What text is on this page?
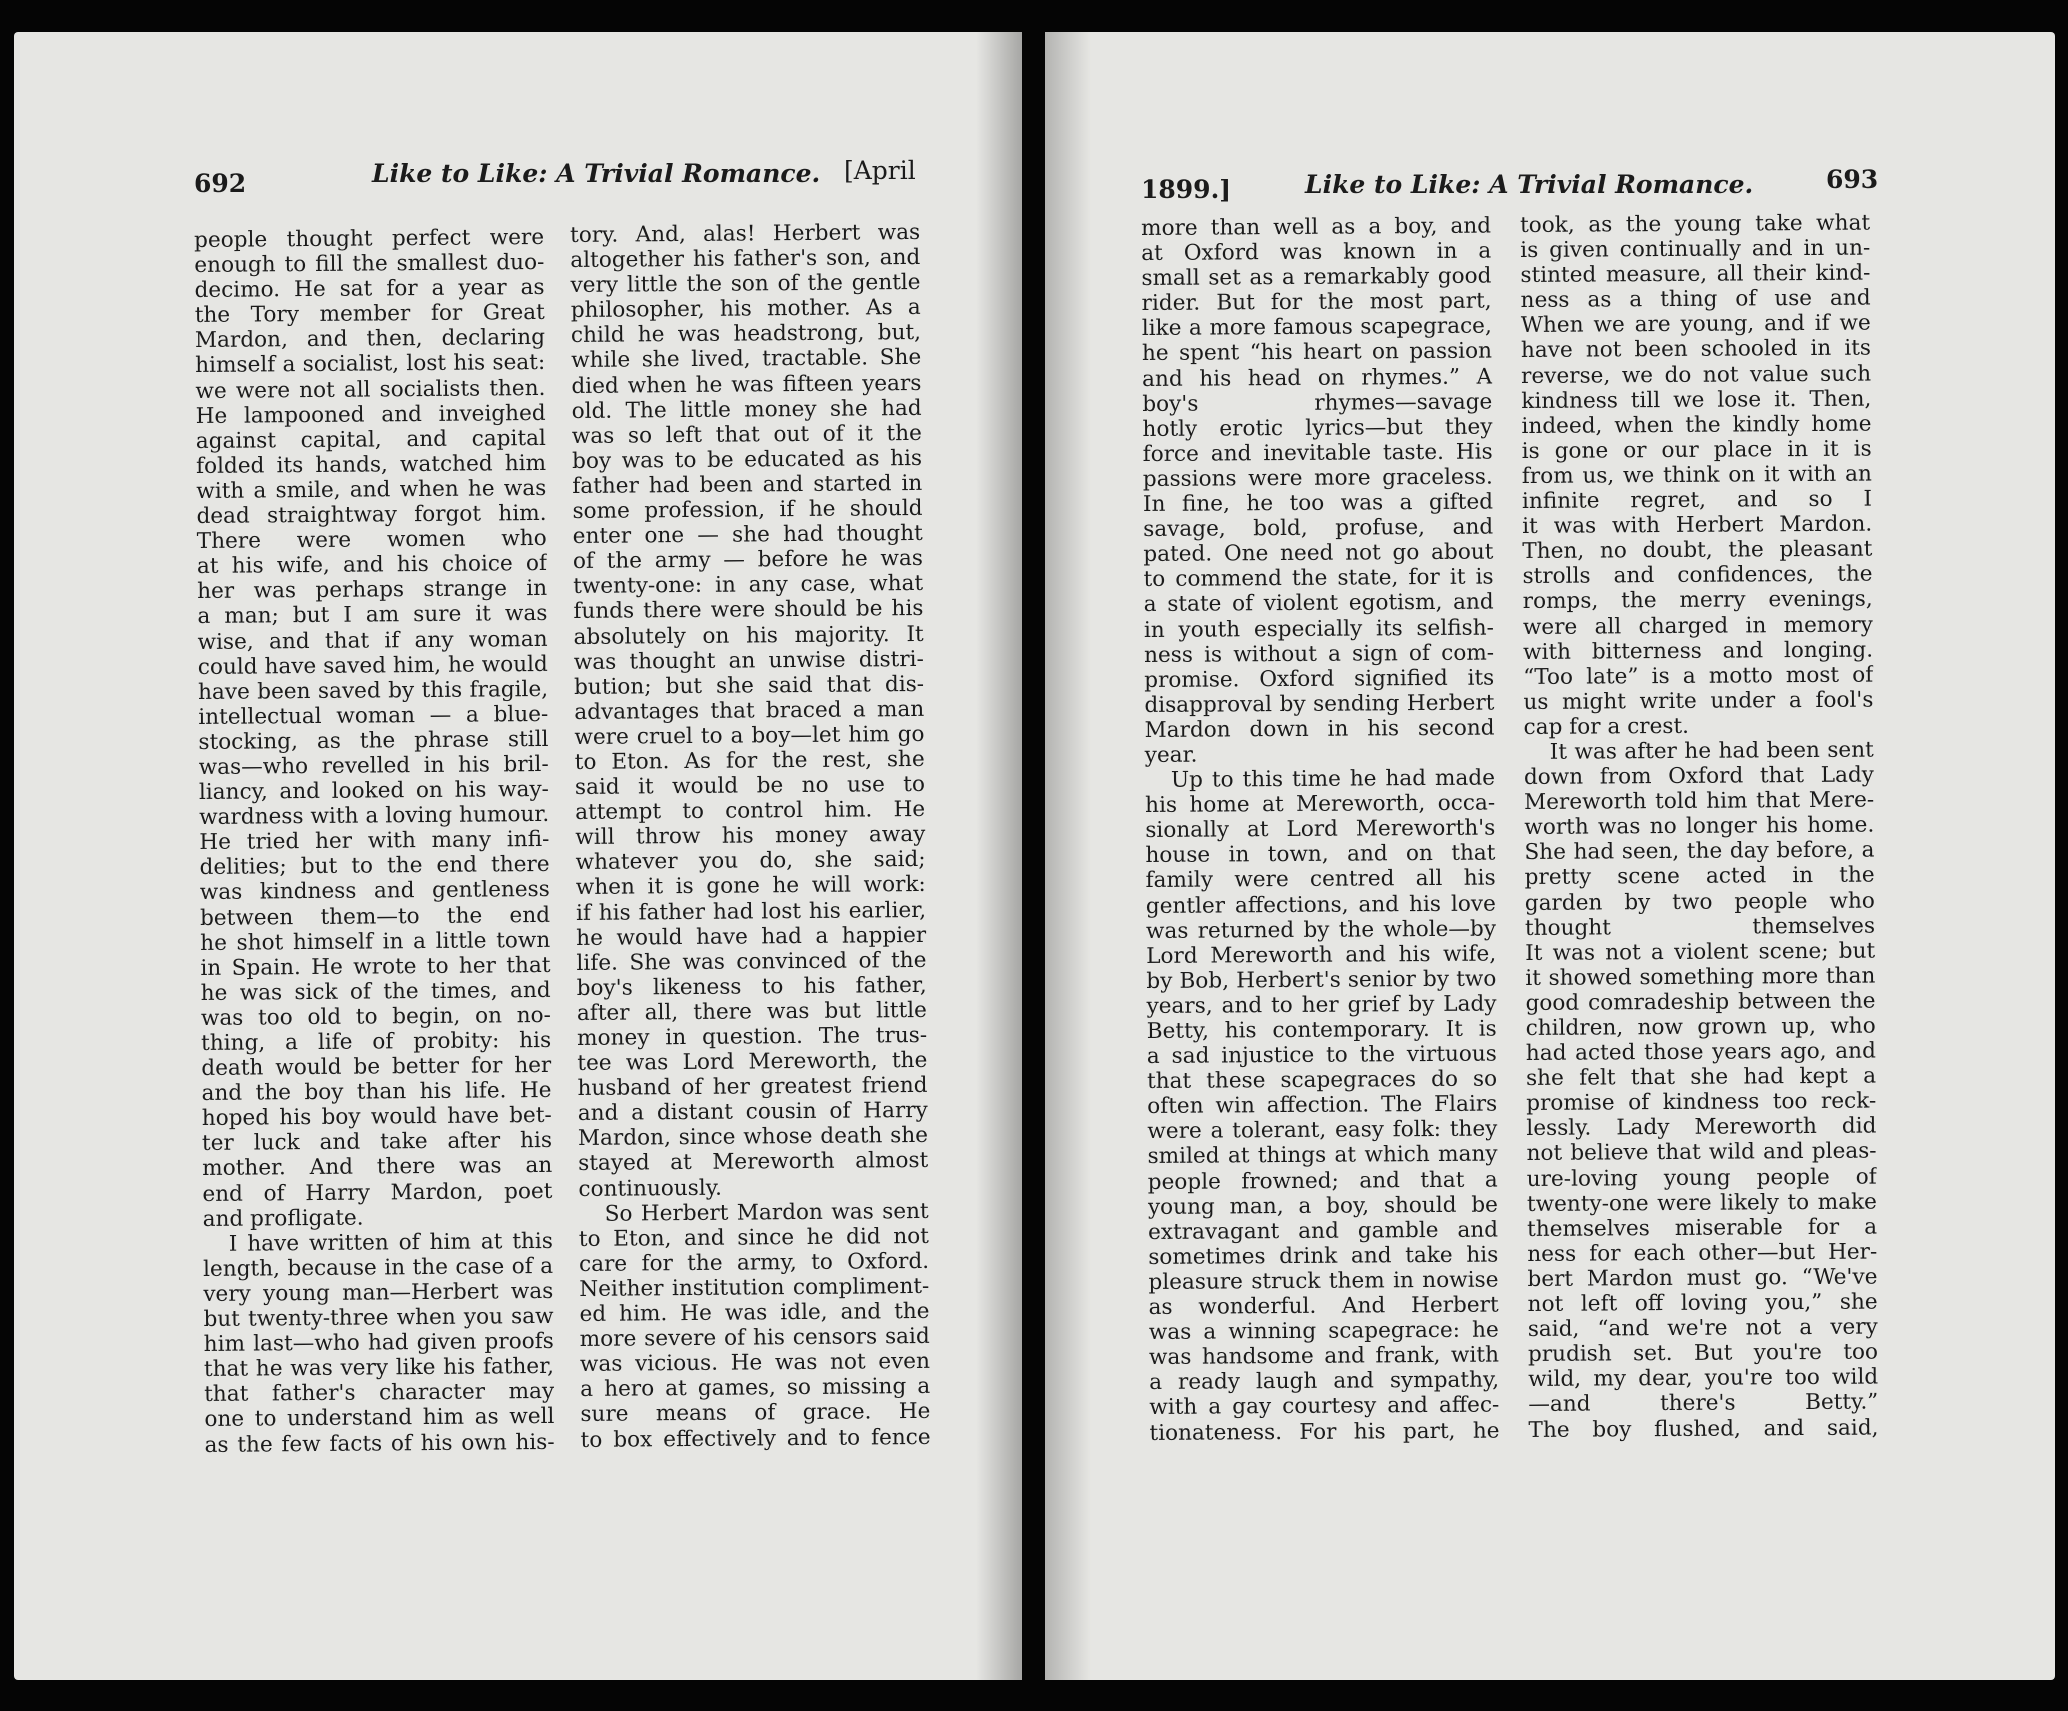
692	Like to Like: A Trivial Romance. [April
people thought perfect were
enough to fill the smallest duo-
decimo. He sat for a year as
the Tory member for Great
Mardon, and then, declaring
himself a socialist, lost his seat:
we were not all socialists then.
He lampooned and inveighed
against capital, and capital
folded its hands, watched him
with a smile, and when he was
dead straightway forgot him.
There were women who
at his wife, and his choice of
her was perhaps strange in
a man; but I am sure it was
wise, and that if any woman
could have saved him, he would
have been saved by this fragile,
intellectual woman — a blue-
stocking, as the phrase still
was—who revelled in his bril-
liancy, and looked on his way-
wardness with a loving humour.
He tried her with many infi-
delities; but to the end there
was kindness and gentleness
between them—to the end
he shot himself in a little town
in Spain. He wrote to her that
he was sick of the times, and
was too old to begin, on no-
thing, a life of probity: his
death would be better for her
and the boy than his life. He
hoped his boy would have bet-
ter luck and take after his
mother. And there was an
end of Harry Mardon, poet
and profligate.
I have written of him at this
length, because in the case of a
very young man—Herbert was
but twenty-three when you saw
him last—who had given proofs
that he was very like his father,
that father's character may
one to understand him as well
as the few facts of his own his-
tory. And, alas! Herbert was
altogether his father's son, and
very little the son of the gentle
philosopher, his mother. As a
child he was headstrong, but,
while she lived, tractable. She
died when he was fifteen years
old. The little money she had
was so left that out of it the
boy was to be educated as his
father had been and started in
some profession, if he should
enter one — she had thought
of the army — before he was
twenty-one: in any case, what
funds there were should be his
absolutely on his majority. It
was thought an unwise distri-
bution; but she said that dis-
advantages that braced a man
were cruel to a boy—let him go
to Eton. As for the rest, she
said it would be no use to
attempt to control him. He
will throw his money away
whatever you do, she said;
when it is gone he will work:
if his father had lost his earlier,
he would have had a happier
life. She was convinced of the
boy's likeness to his father,
after all, there was but little
money in question. The trus-
tee was Lord Mereworth, the
husband of her greatest friend
and a distant cousin of Harry
Mardon, since whose death she
stayed at Mereworth almost
continuously.
So Herbert Mardon was sent
to Eton, and since he did not
care for the army, to Oxford.
Neither institution compliment-
ed him. He was idle, and the
more severe of his censors said
was vicious. He was not even
a hero at games, so missing a
sure means of grace. He
to box effectively and to fence
1899.]	Like to Like: A Trivial Romance.	693
more than well as a boy, and
at Oxford was known in a
small set as a remarkably good
rider. But for the most part,
like a more famous scapegrace,
he spent “his heart on passion
and his head on rhymes.” A
boy's rhymes—savage
hotly erotic lyrics—but they
force and inevitable taste. His
passions were more graceless.
In fine, he too was a gifted
savage, bold, profuse, and
pated. One need not go about
to commend the state, for it is
a state of violent egotism, and
in youth especially its selfish-
ness is without a sign of com-
promise. Oxford signified its
disapproval by sending Herbert
Mardon down in his second
year.
Up to this time he had made
his home at Mereworth, occa-
sionally at Lord Mereworth's
house in town, and on that
family were centred all his
gentler affections, and his love
was returned by the whole—by
Lord Mereworth and his wife,
by Bob, Herbert's senior by two
years, and to her grief by Lady
Betty, his contemporary. It is
a sad injustice to the virtuous
that these scapegraces do so
often win affection. The Flairs
were a tolerant, easy folk: they
smiled at things at which many
people frowned; and that a
young man, a boy, should be
extravagant and gamble and
sometimes drink and take his
pleasure struck them in nowise
as wonderful. And Herbert
was a winning scapegrace: he
was handsome and frank, with
a ready laugh and sympathy,
with a gay courtesy and affec-
tionateness. For his part, he
took, as the young take what
is given continually and in un-
stinted measure, all their kind-
ness as a thing of use and
When we are young, and if we
have not been schooled in its
reverse, we do not value such
kindness till we lose it. Then,
indeed, when the kindly home
is gone or our place in it is
from us, we think on it with an
infinite regret, and so I
it was with Herbert Mardon.
Then, no doubt, the pleasant
strolls and confidences, the
romps, the merry evenings,
were all charged in memory
with bitterness and longing.
“Too late” is a motto most of
us might write under a fool's
cap for a crest.
It was after he had been sent
down from Oxford that Lady
Mereworth told him that Mere-
worth was no longer his home.
She had seen, the day before, a
pretty scene acted in the
garden by two people who
thought themselves
It was not a violent scene; but
it showed something more than
good comradeship between the
children, now grown up, who
had acted those years ago, and
she felt that she had kept a
promise of kindness too reck-
lessly. Lady Mereworth did
not believe that wild and pleas-
ure-loving young people of
twenty-one were likely to make
themselves miserable for a
ness for each other—but Her-
bert Mardon must go. “We've
not left off loving you,” she
said, “and we're not a very
prudish set. But you're too
wild, my dear, you're too wild
—and there's Betty.”
The boy flushed, and said,
